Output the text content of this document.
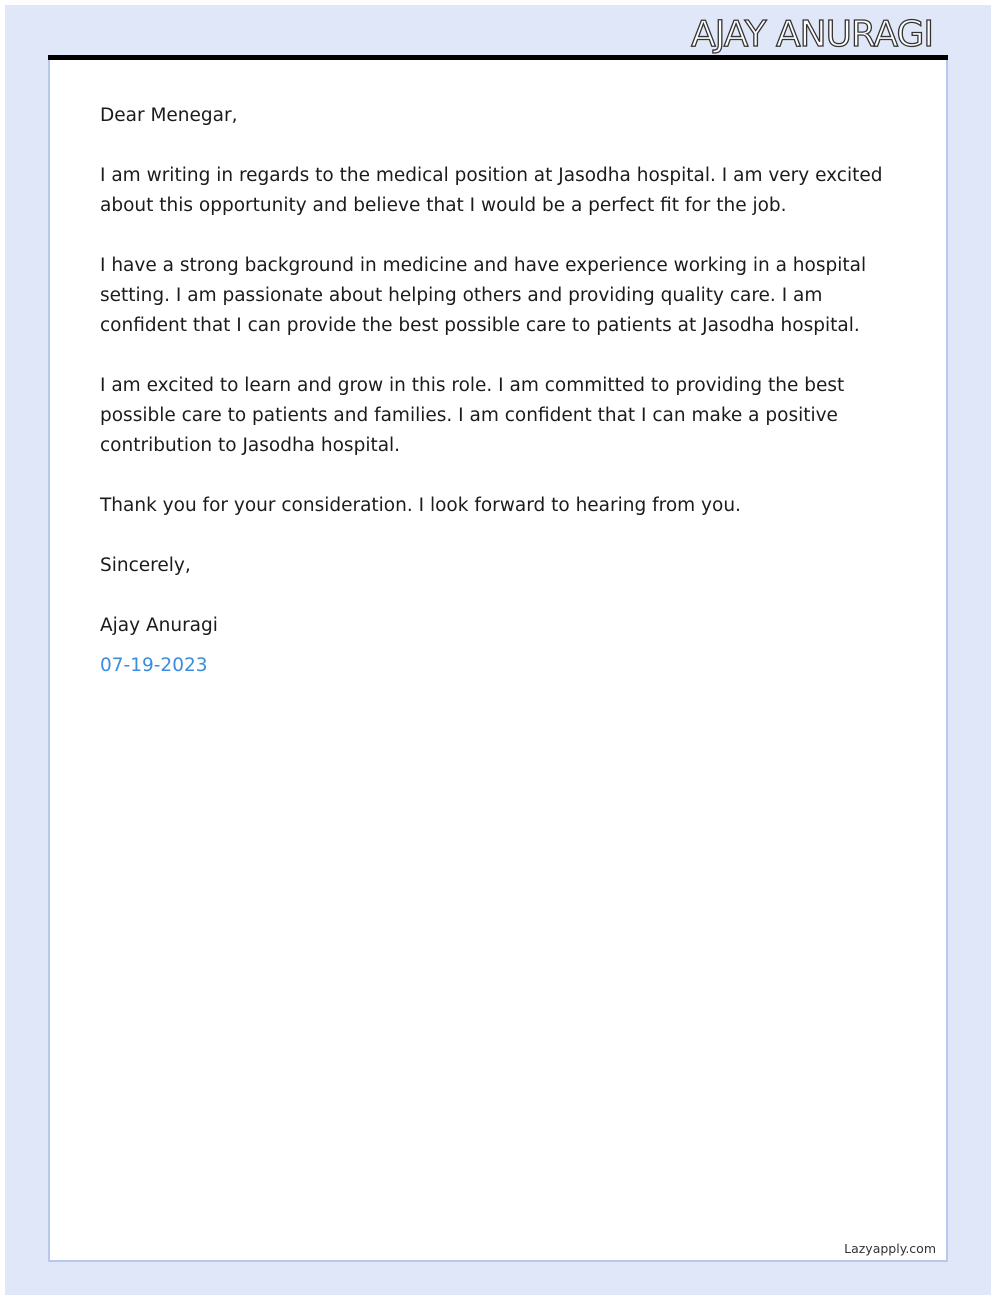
AJAY ANURAGI

Dear Menegar,

I am writing in regards to the medical position at Jasodha hospital. I am very excited about this opportunity and believe that I would be a perfect fit for the job.

I have a strong background in medicine and have experience working in a hospital setting. I am passionate about helping others and providing quality care. I am confident that I can provide the best possible care to patients at Jasodha hospital.

I am excited to learn and grow in this role. I am committed to providing the best possible care to patients and families. I am confident that I can make a positive contribution to Jasodha hospital.

Thank you for your consideration. I look forward to hearing from you.

Sincerely,

Ajay Anuragi

07-19-2023

Lazyapply.com
